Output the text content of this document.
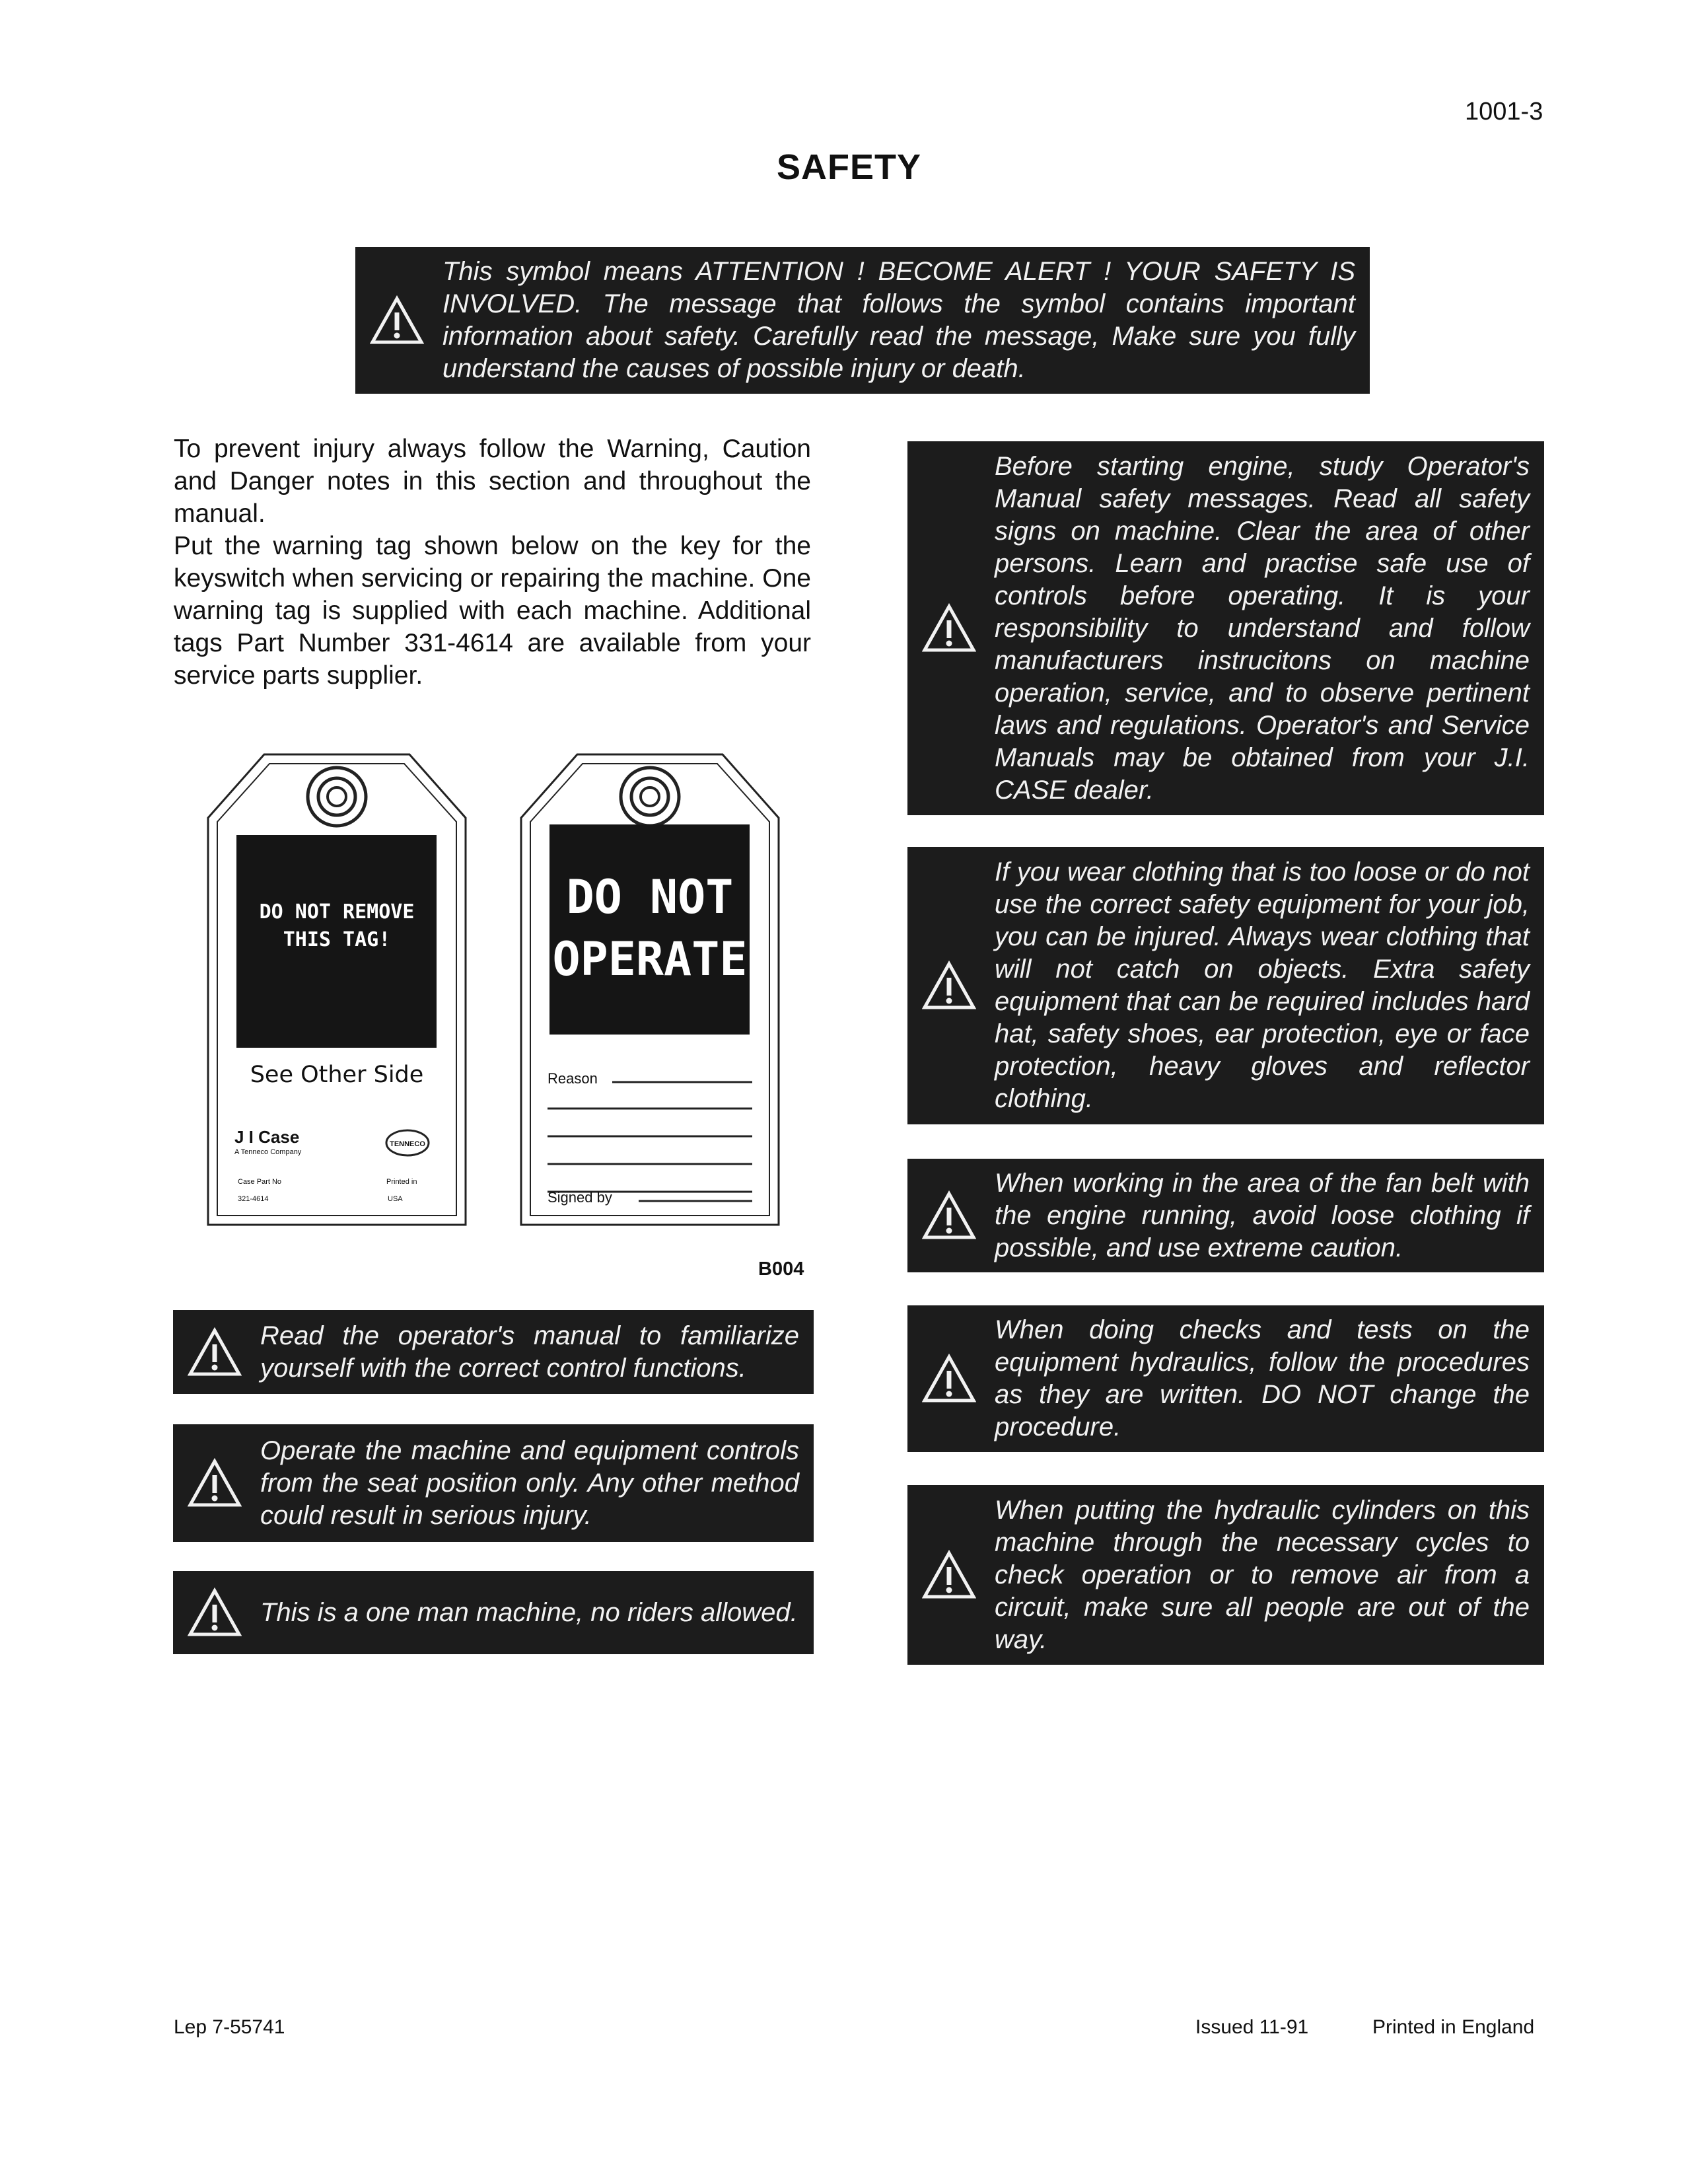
1001-3
SAFETY
This symbol means ATTENTION ! BECOME ALERT ! YOUR SAFETY IS INVOLVED. The message that follows the symbol contains important information about safety. Carefully read the message, Make sure you fully understand the causes of possible injury or death.

To prevent injury always follow the Warning, Caution and Danger notes in this section and throughout the manual.

Put the warning tag shown below on the key for the keyswitch when servicing or repairing the machine. One warning tag is supplied with each machine. Additional tags Part Number 331-4614 are available from your service parts supplier.

DO NOT REMOVE
THIS TAG!
See Other Side
J I Case
A Tenneco Company
TENNECO
Case Part No
321-4614
Printed in
USA
DO NOT
OPERATE
Reason
Signed by
B004
Read the operator's manual to familiarize yourself with the correct control functions.
Operate the machine and equipment controls from the seat position only. Any other method could result in serious injury.
This is a one man machine, no riders allowed.
Before starting engine, study Operator's Manual safety messages. Read all safety signs on machine. Clear the area of other persons. Learn and practise safe use of controls before operating. It is your responsibility to understand and follow manufacturers instrucitons on machine operation, service, and to observe pertinent laws and regulations. Operator's and Service Manuals may be obtained from your J.I. CASE dealer.
If you wear clothing that is too loose or do not use the correct safety equipment for your job, you can be injured. Always wear clothing that will not catch on objects. Extra safety equipment that can be required includes hard hat, safety shoes, ear protection, eye or face protection, heavy gloves and reflector clothing.
When working in the area of the fan belt with the engine running, avoid loose clothing if possible, and use extreme caution.
When doing checks and tests on the equipment hydraulics, follow the procedures as they are written. DO NOT change the procedure.
When putting the hydraulic cylinders on this machine through the necessary cycles to check operation or to remove air from a circuit, make sure all people are out of the way.
Lep 7-55741	Issued 11-91	Printed in England
